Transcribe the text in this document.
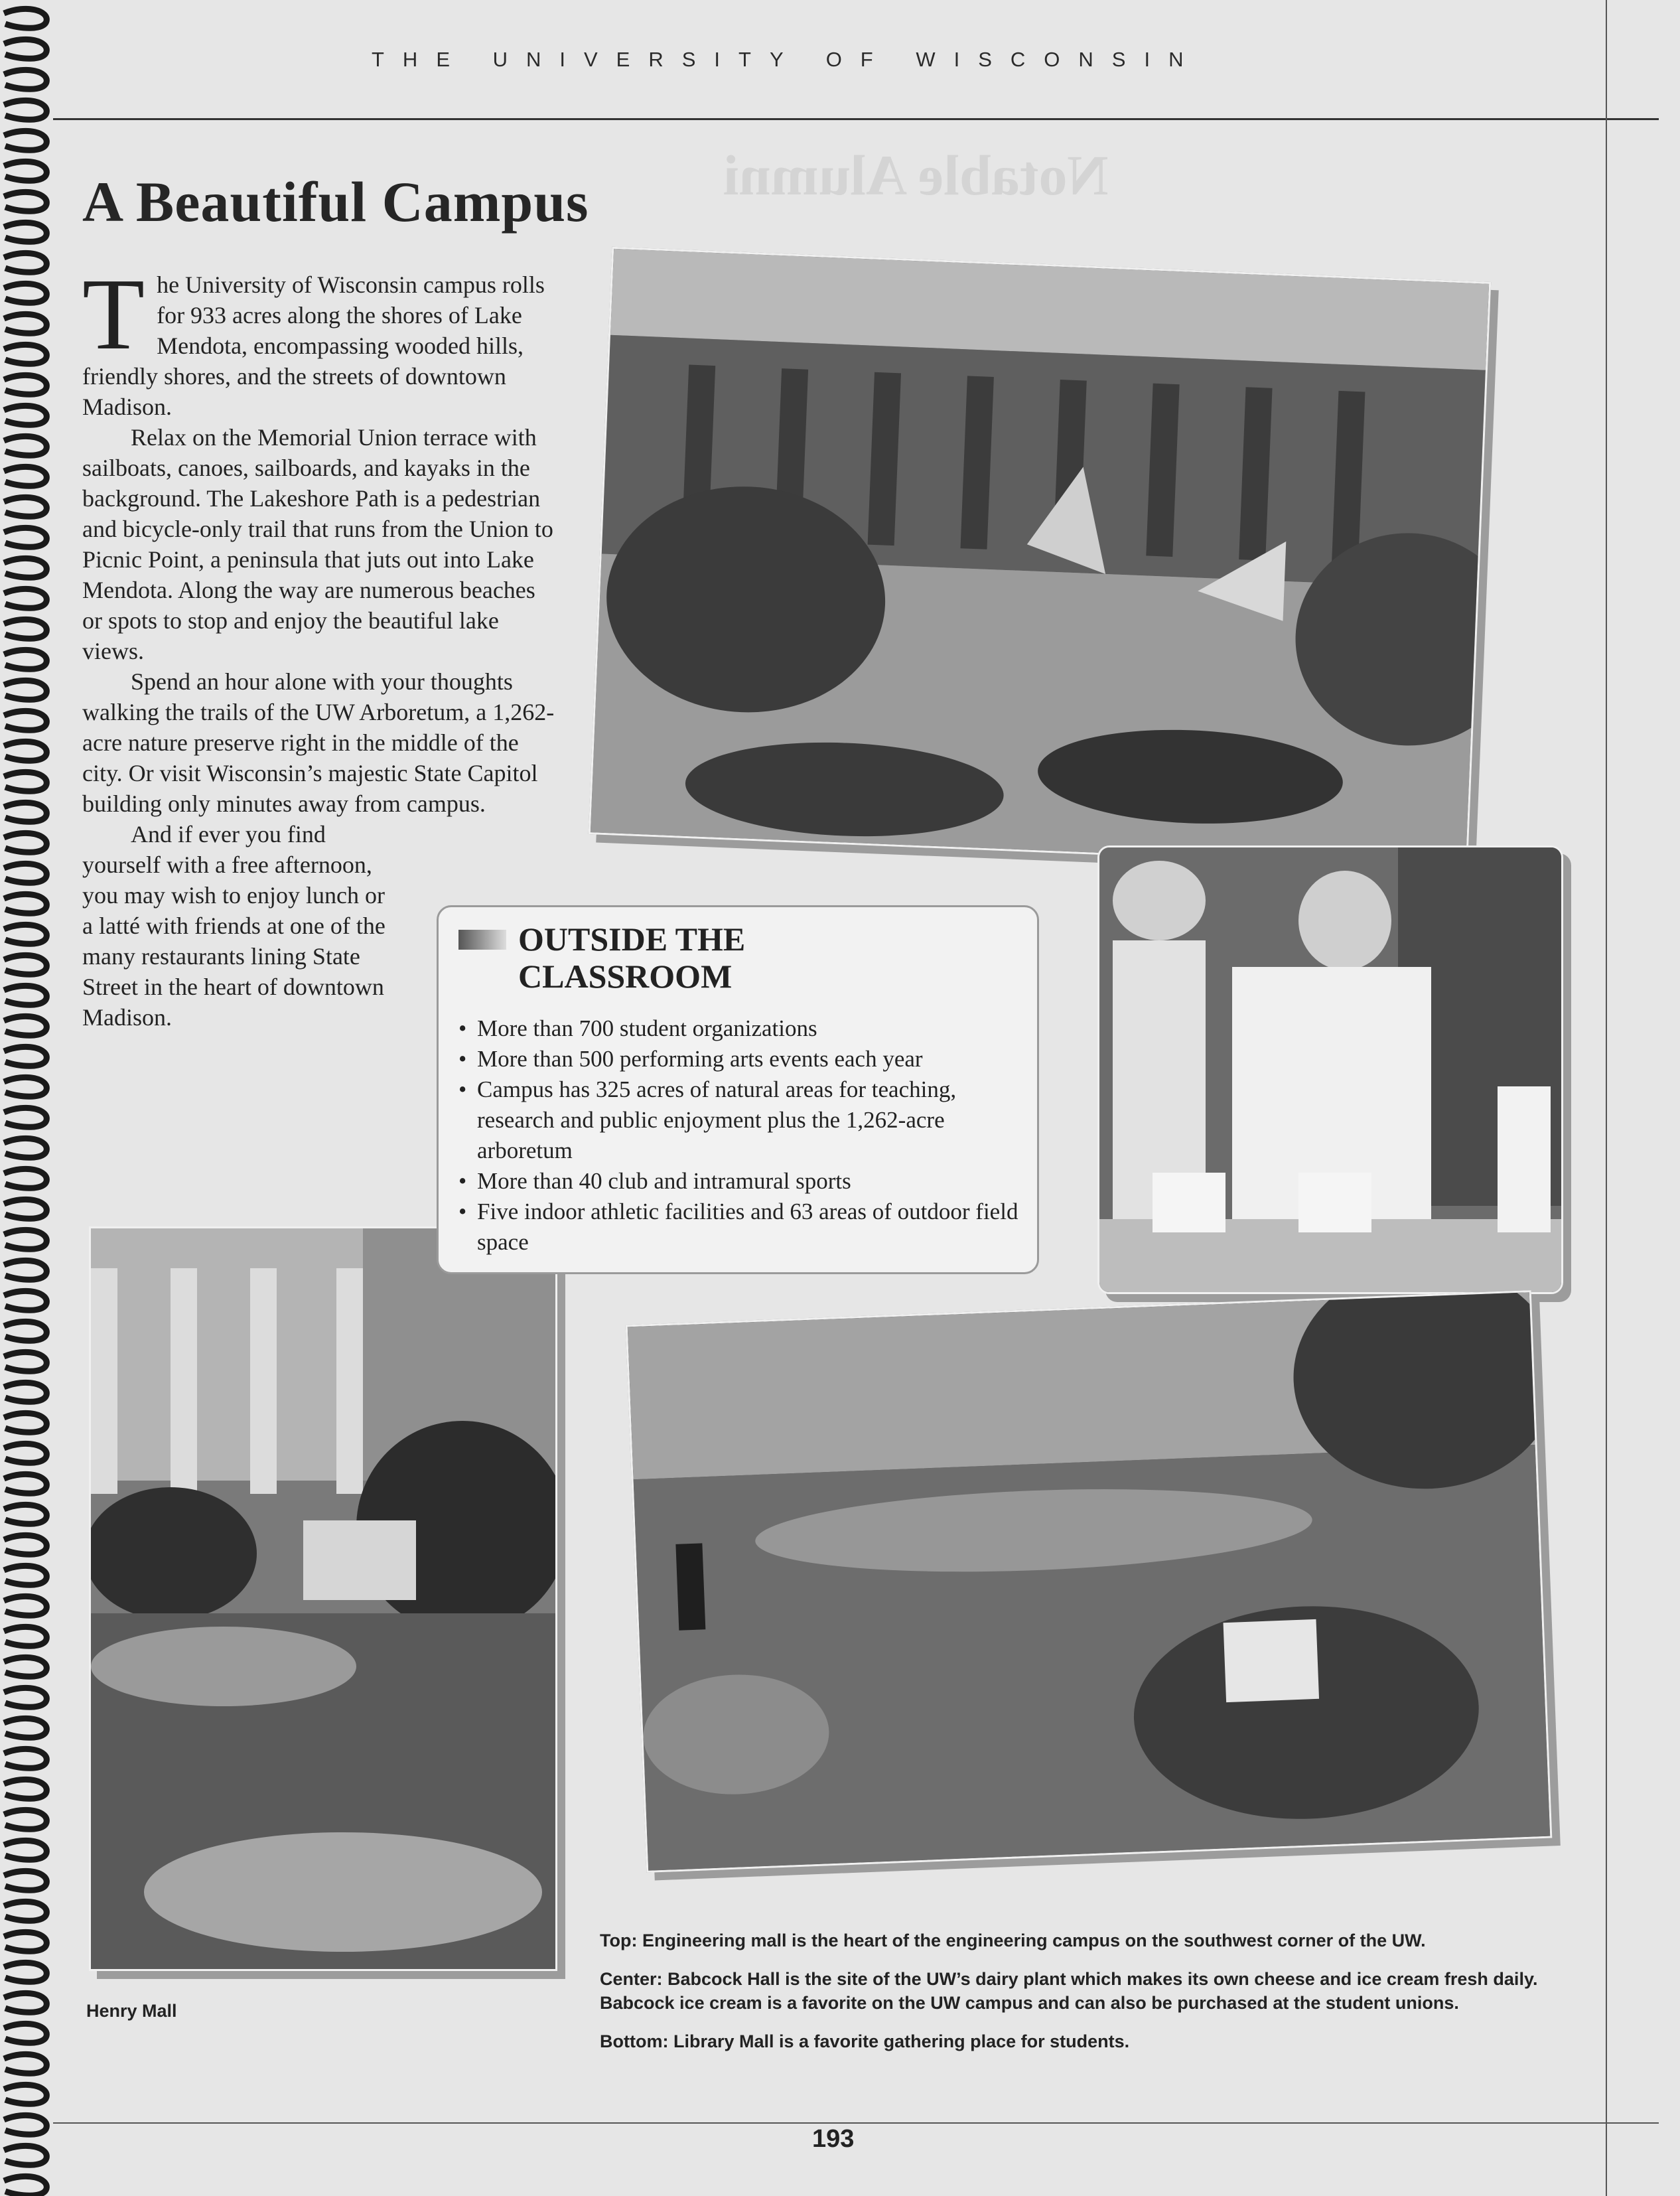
THE UNIVERSITY OF WISCONSIN
Notable Alumni
A Beautiful Campus

The University of Wisconsin campus rolls for 933 acres along the shores of Lake Mendota, encompassing wooded hills, friendly shores, and the streets of downtown Madison.

Relax on the Memorial Union terrace with sailboats, canoes, sailboards, and kayaks in the background. The Lakeshore Path is a pedestrian and bicycle-only trail that runs from the Union to Picnic Point, a peninsula that juts out into Lake Mendota. Along the way are numerous beaches or spots to stop and enjoy the beautiful lake views.

Spend an hour alone with your thoughts walking the trails of the UW Arboretum, a 1,262-acre nature preserve right in the middle of the city. Or visit Wisconsin’s majestic State Capitol building only minutes away from campus.

And if ever you find yourself with a free afternoon, you may wish to enjoy lunch or a latté with friends at one of the many restaurants lining State Street in the heart of downtown Madison.

OUTSIDE THE
CLASSROOM
• More than 700 student organizations
• More than 500 performing arts events each year
• Campus has 325 acres of natural areas for teaching, research and public enjoyment plus the 1,262-acre arboretum
• More than 40 club and intramural sports
• Five indoor athletic facilities and 63 areas of outdoor field space
Henry Mall
Top: Engineering mall is the heart of the engineering campus on the southwest corner of the UW.
Center: Babcock Hall is the site of the UW’s dairy plant which makes its own cheese and ice cream fresh daily. Babcock ice cream is a favorite on the UW campus and can also be purchased at the student unions.
Bottom: Library Mall is a favorite gathering place for students.
193
